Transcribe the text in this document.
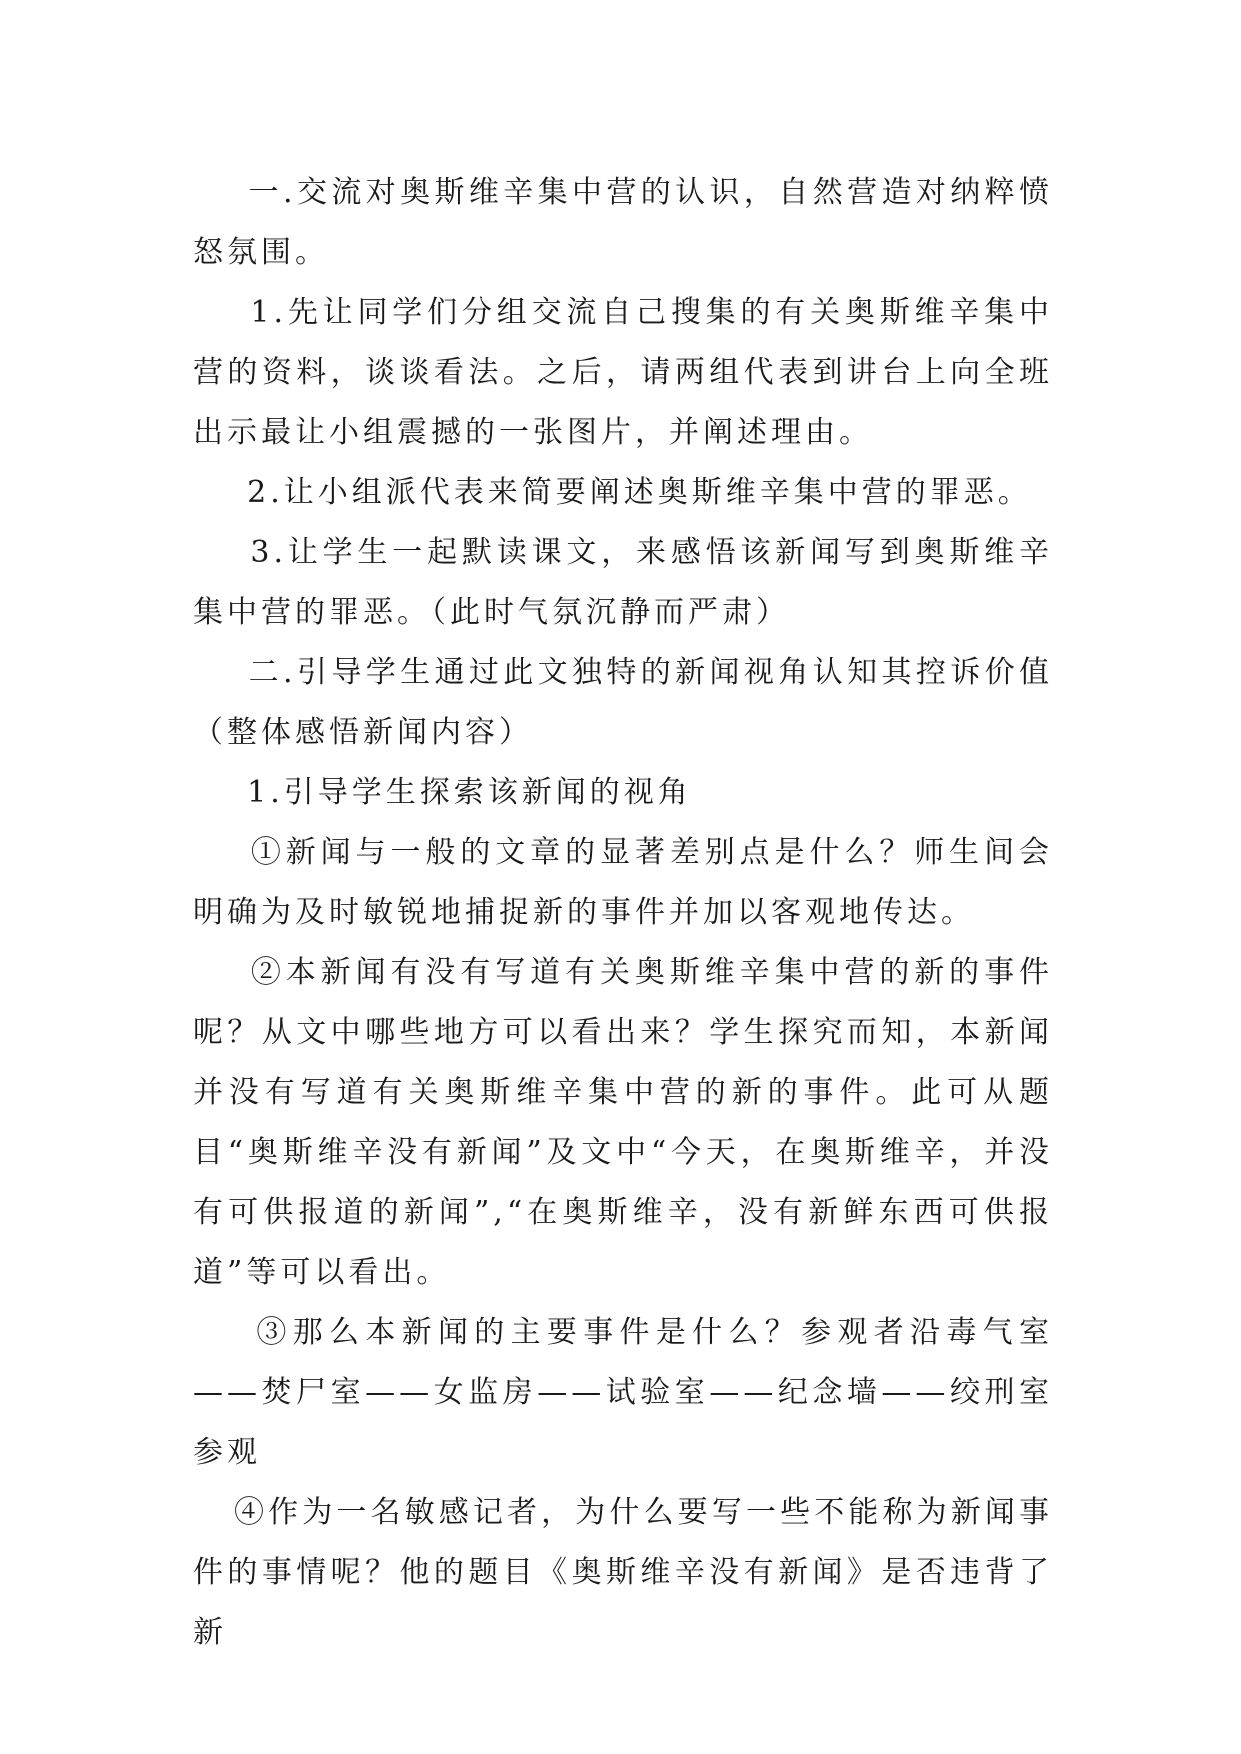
一.交流对奥斯维辛集中营的认识，自然营造对纳粹愤怒氛围。

1.先让同学们分组交流自己搜集的有关奥斯维辛集中营的资料，谈谈看法。之后，请两组代表到讲台上向全班出示最让小组震撼的一张图片，并阐述理由。

2.让小组派代表来简要阐述奥斯维辛集中营的罪恶。

3.让学生一起默读课文，来感悟该新闻写到奥斯维辛集中营的罪恶。（此时气氛沉静而严肃）

二.引导学生通过此文独特的新闻视角认知其控诉价值（整体感悟新闻内容）

1.引导学生探索该新闻的视角

①新闻与一般的文章的显著差别点是什么？师生间会明确为及时敏锐地捕捉新的事件并加以客观地传达。

②本新闻有没有写道有关奥斯维辛集中营的新的事件呢？从文中哪些地方可以看出来？学生探究而知，本新闻并没有写道有关奥斯维辛集中营的新的事件。此可从题目“奥斯维辛没有新闻”及文中“今天，在奥斯维辛，并没有可供报道的新闻”,“在奥斯维辛，没有新鲜东西可供报道”等可以看出。

③那么本新闻的主要事件是什么？参观者沿毒气室——焚尸室——女监房——试验室——纪念墙——绞刑室参观

④作为一名敏感记者，为什么要写一些不能称为新闻事件的事情呢？他的题目《奥斯维辛没有新闻》是否违背了新
